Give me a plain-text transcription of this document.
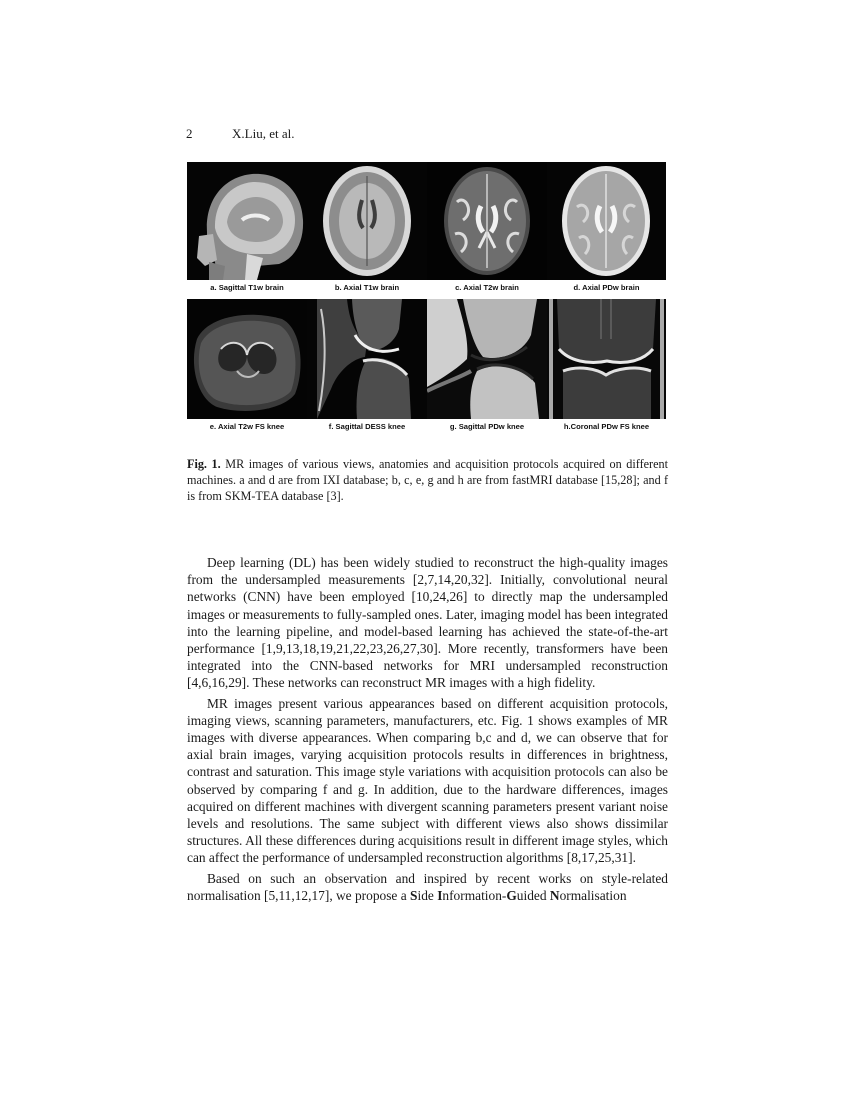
2	X.Liu, et al.
a. Sagittal T1w brain	b. Axial T1w brain	c. Axial T2w brain	d. Axial PDw brain
e. Axial T2w FS knee	f. Sagittal DESS knee	g. Sagittal PDw knee	h.Coronal PDw FS knee
Fig. 1. MR images of various views, anatomies and acquisition protocols acquired on different machines. a and d are from IXI database; b, c, e, g and h are from fastMRI database [15,28]; and f is from SKM-TEA database [3].

Deep learning (DL) has been widely studied to reconstruct the high-quality images from the undersampled measurements [2,7,14,20,32]. Initially, convolutional neural networks (CNN) have been employed [10,24,26] to directly map the undersampled images or measurements to fully-sampled ones. Later, imaging model has been integrated into the learning pipeline, and model-based learning has achieved the state-of-the-art performance [1,9,13,18,19,21,22,23,26,27,30]. More recently, transformers have been integrated into the CNN-based networks for MRI undersampled reconstruction [4,6,16,29]. These networks can reconstruct MR images with a high fidelity.

MR images present various appearances based on different acquisition protocols, imaging views, scanning parameters, manufacturers, etc. Fig. 1 shows examples of MR images with diverse appearances. When comparing b,c and d, we can observe that for axial brain images, varying acquisition protocols results in differences in brightness, contrast and saturation. This image style variations with acquisition protocols can also be observed by comparing f and g. In addition, due to the hardware differences, images acquired on different machines with divergent scanning parameters present variant noise levels and resolutions. The same subject with different views also shows dissimilar structures. All these differences during acquisitions result in different image styles, which can affect the performance of undersampled reconstruction algorithms [8,17,25,31].

Based on such an observation and inspired by recent works on style-related normalisation [5,11,12,17], we propose a Side Information-Guided Normalisation
